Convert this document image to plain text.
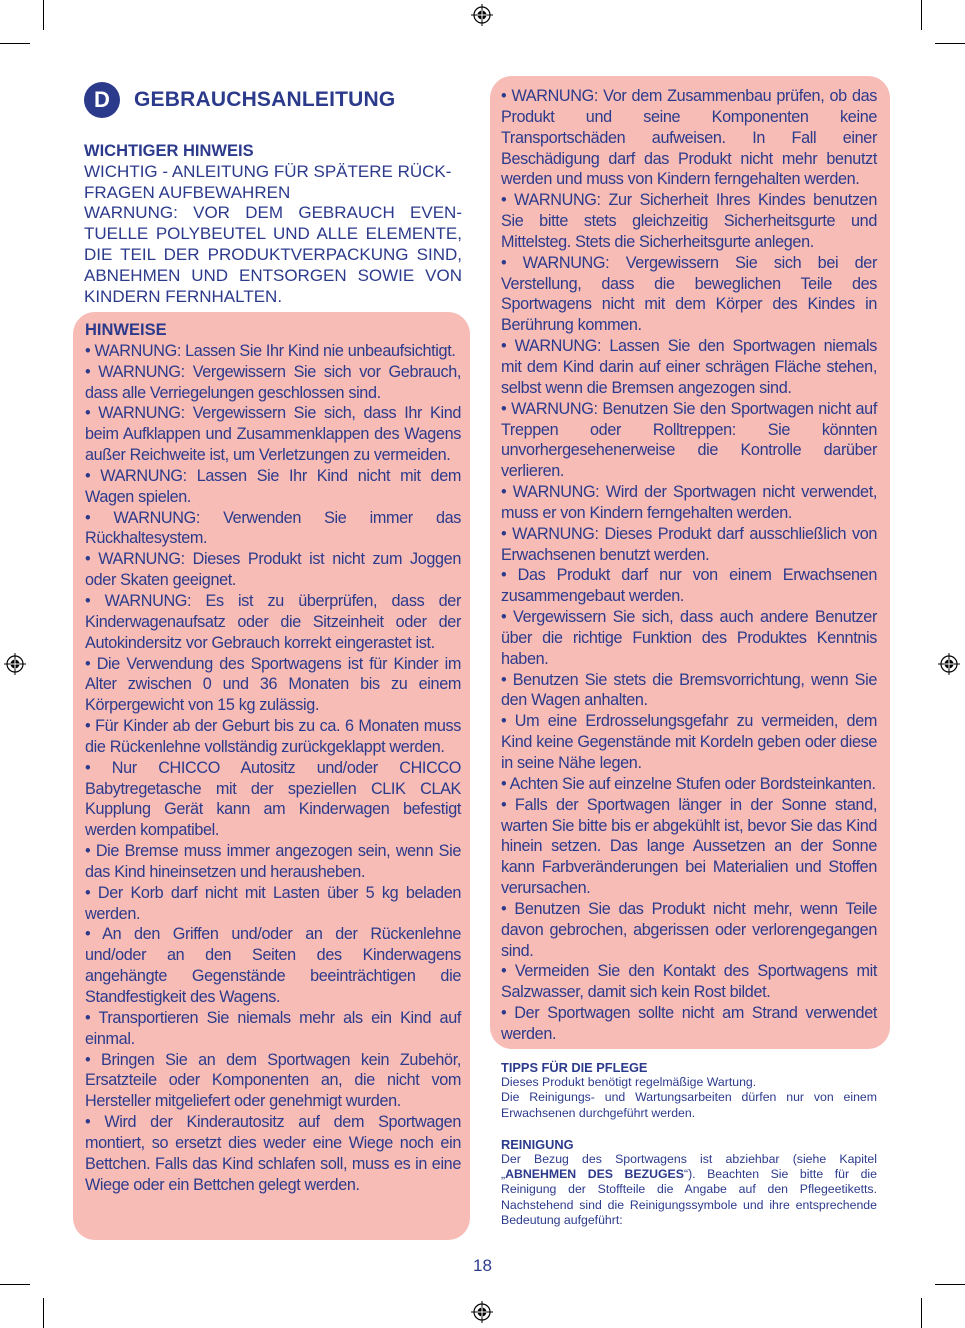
D	GEBRAUCHSANLEITUNG
WICHTIGER HINWEIS
WICHTIG - ANLEITUNG FÜR SPÄTERE RÜCK-
FRAGEN AUFBEWAHREN
WARNUNG: VOR DEM GEBRAUCH EVEN-
TUELLE POLYBEUTEL UND ALLE ELEMENTE,
DIE TEIL DER PRODUKTVERPACKUNG SIND,
ABNEHMEN UND ENTSORGEN SOWIE VON
KINDERN FERNHALTEN.
HINWEISE
• WARNUNG: Lassen Sie Ihr Kind nie unbeaufsichtigt.
• WARNUNG: Vergewissern Sie sich vor Gebrauch, dass alle Verriegelungen geschlossen sind.
• WARNUNG: Vergewissern Sie sich, dass Ihr Kind beim Aufklappen und Zusammenklappen des Wagens außer Reichweite ist, um Verletzungen zu vermeiden.
• WARNUNG: Lassen Sie Ihr Kind nicht mit dem Wagen spielen.
• WARNUNG: Verwenden Sie immer das Rückhaltesystem.
• WARNUNG: Dieses Produkt ist nicht zum Joggen oder Skaten geeignet.
• WARNUNG: Es ist zu überprüfen, dass der Kinderwagenaufsatz oder die Sitzeinheit oder der Autokindersitz vor Gebrauch korrekt eingerastet ist.
• Die Verwendung des Sportwagens ist für Kinder im Alter zwischen 0 und 36 Monaten bis zu einem Körpergewicht von 15 kg zulässig.
• Für Kinder ab der Geburt bis zu ca. 6 Monaten muss die Rückenlehne vollständig zurückgeklappt werden.
• Nur CHICCO Autositz und/oder CHICCO Babytregetasche mit der speziellen CLIK CLAK Kupplung Gerät kann am Kinderwagen befestigt werden kompatibel.
• Die Bremse muss immer angezogen sein, wenn Sie das Kind hineinsetzen und herausheben.
• Der Korb darf nicht mit Lasten über 5 kg beladen werden.
• An den Griffen und/oder an der Rückenlehne und/oder an den Seiten des Kinderwagens angehängte Gegenstände beeinträchtigen die Standfestigkeit des Wagens.
• Transportieren Sie niemals mehr als ein Kind auf einmal.
• Bringen Sie an dem Sportwagen kein Zubehör, Ersatzteile oder Komponenten an, die nicht vom Hersteller mitgeliefert oder genehmigt wurden.
• Wird der Kinderautositz auf dem Sportwagen montiert, so ersetzt dies weder eine Wiege noch ein Bettchen. Falls das Kind schlafen soll, muss es in eine Wiege oder ein Bettchen gelegt werden.
• WARNUNG: Vor dem Zusammenbau prüfen, ob das Produkt und seine Komponenten keine Transportschäden aufweisen. In Fall einer Beschädigung darf das Produkt nicht mehr benutzt werden und muss von Kindern ferngehalten werden.
• WARNUNG: Zur Sicherheit Ihres Kindes benutzen Sie bitte stets gleichzeitig Sicherheitsgurte und Mittelsteg. Stets die Sicherheitsgurte anlegen.
• WARNUNG: Vergewissern Sie sich bei der Verstellung, dass die beweglichen Teile des Sportwagens nicht mit dem Körper des Kindes in Berührung kommen.
• WARNUNG: Lassen Sie den Sportwagen niemals mit dem Kind darin auf einer schrägen Fläche stehen, selbst wenn die Bremsen angezogen sind.
• WARNUNG: Benutzen Sie den Sportwagen nicht auf Treppen oder Rolltreppen: Sie könnten unvorhergesehenerweise die Kontrolle darüber verlieren.
• WARNUNG: Wird der Sportwagen nicht verwendet, muss er von Kindern ferngehalten werden.
• WARNUNG: Dieses Produkt darf ausschließlich von Erwachsenen benutzt werden.
• Das Produkt darf nur von einem Erwachsenen zusammengebaut werden.
• Vergewissern Sie sich, dass auch andere Benutzer über die richtige Funktion des Produktes Kenntnis haben.
• Benutzen Sie stets die Bremsvorrichtung, wenn Sie den Wagen anhalten.
• Um eine Erdrosselungsgefahr zu vermeiden, dem Kind keine Gegenstände mit Kordeln geben oder diese in seine Nähe legen.
• Achten Sie auf einzelne Stufen oder Bordsteinkanten.
• Falls der Sportwagen länger in der Sonne stand, warten Sie bitte bis er abgekühlt ist, bevor Sie das Kind hinein setzen. Das lange Aussetzen an der Sonne kann Farbveränderungen bei Materialien und Stoffen verursachen.
• Benutzen Sie das Produkt nicht mehr, wenn Teile davon gebrochen, abgerissen oder verlorengegangen sind.
• Vermeiden Sie den Kontakt des Sportwagens mit Salzwasser, damit sich kein Rost bildet.
• Der Sportwagen sollte nicht am Strand verwendet werden.
TIPPS FÜR DIE PFLEGE

Dieses Produkt benötigt regelmäßige Wartung.

Die Reinigungs- und Wartungsarbeiten dürfen nur von einem Erwachsenen durchgeführt werden.

REINIGUNG

Der Bezug des Sportwagens ist abziehbar (siehe Kapitel „ABNEHMEN DES BEZUGES“). Beachten Sie bitte für die Reinigung der Stoffteile die Angabe auf den Pflegeetiketts. Nachstehend sind die Reinigungssymbole und ihre entsprechende Bedeutung aufgeführt:

18
